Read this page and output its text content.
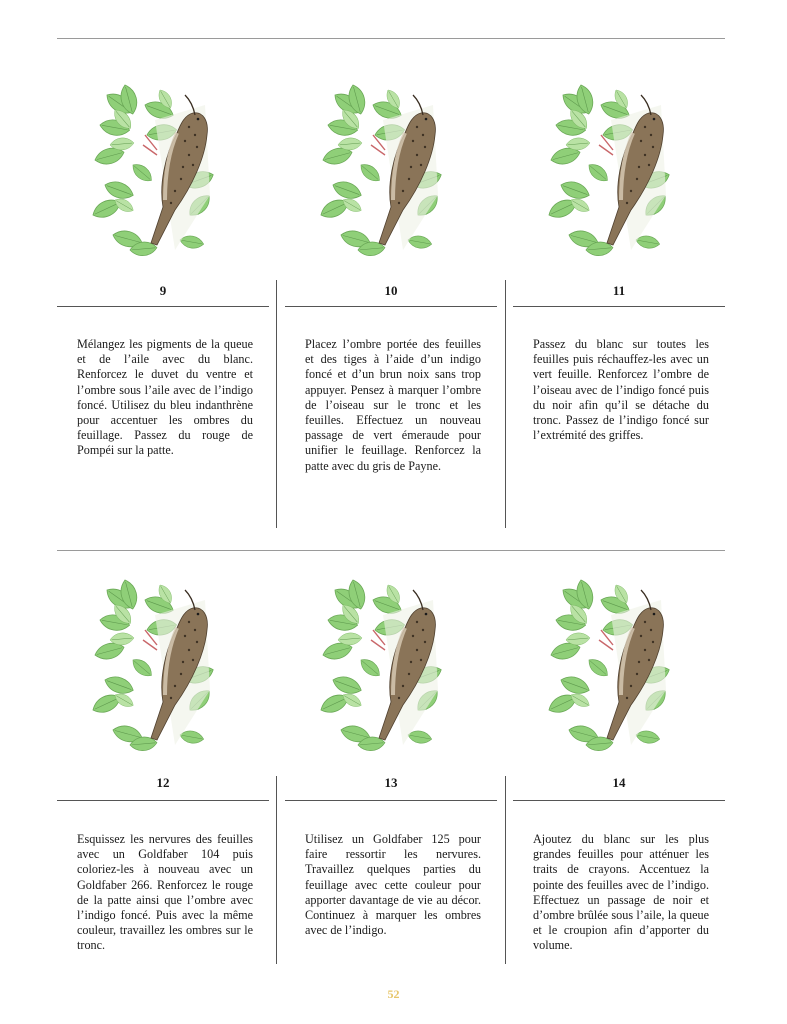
9
Mélangez les pigments de la queue et de l’aile avec du blanc. Renforcez le duvet du ventre et l’ombre sous l’aile avec de l’indigo foncé. Utilisez du bleu indanthrène pour accentuer les ombres du feuillage. Passez du rouge de Pompéi sur la patte.
10
Placez l’ombre portée des feuilles et des tiges à l’aide d’un indigo foncé et d’un brun noix sans trop appuyer. Pensez à marquer l’ombre de l’oiseau sur le tronc et les feuilles. Effectuez un nouveau passage de vert émeraude pour unifier le feuillage. Renforcez la patte avec du gris de Payne.
11
Passez du blanc sur toutes les feuilles puis réchauffez-les avec un vert feuille. Renforcez l’ombre de l’oiseau avec de l’indigo foncé puis du noir afin qu’il se détache du tronc. Passez de l’indigo foncé sur l’extrémité des griffes.
12
Esquissez les nervures des feuilles avec un Goldfaber 104 puis coloriez-les à nouveau avec un Goldfaber 266. Renforcez le rouge de la patte ainsi que l’ombre avec l’indigo foncé. Puis avec la même couleur, travaillez les ombres sur le tronc.
13
Utilisez un Goldfaber 125 pour faire ressortir les nervures. Travaillez quelques parties du feuillage avec cette couleur pour apporter davantage de vie au décor. Continuez à marquer les ombres avec de l’indigo.
14
Ajoutez du blanc sur les plus grandes feuilles pour atténuer les traits de crayons. Accentuez la pointe des feuilles avec de l’indigo. Effectuez un passage de noir et d’ombre brûlée sous l’aile, la queue et le croupion afin d’apporter du volume.
52
